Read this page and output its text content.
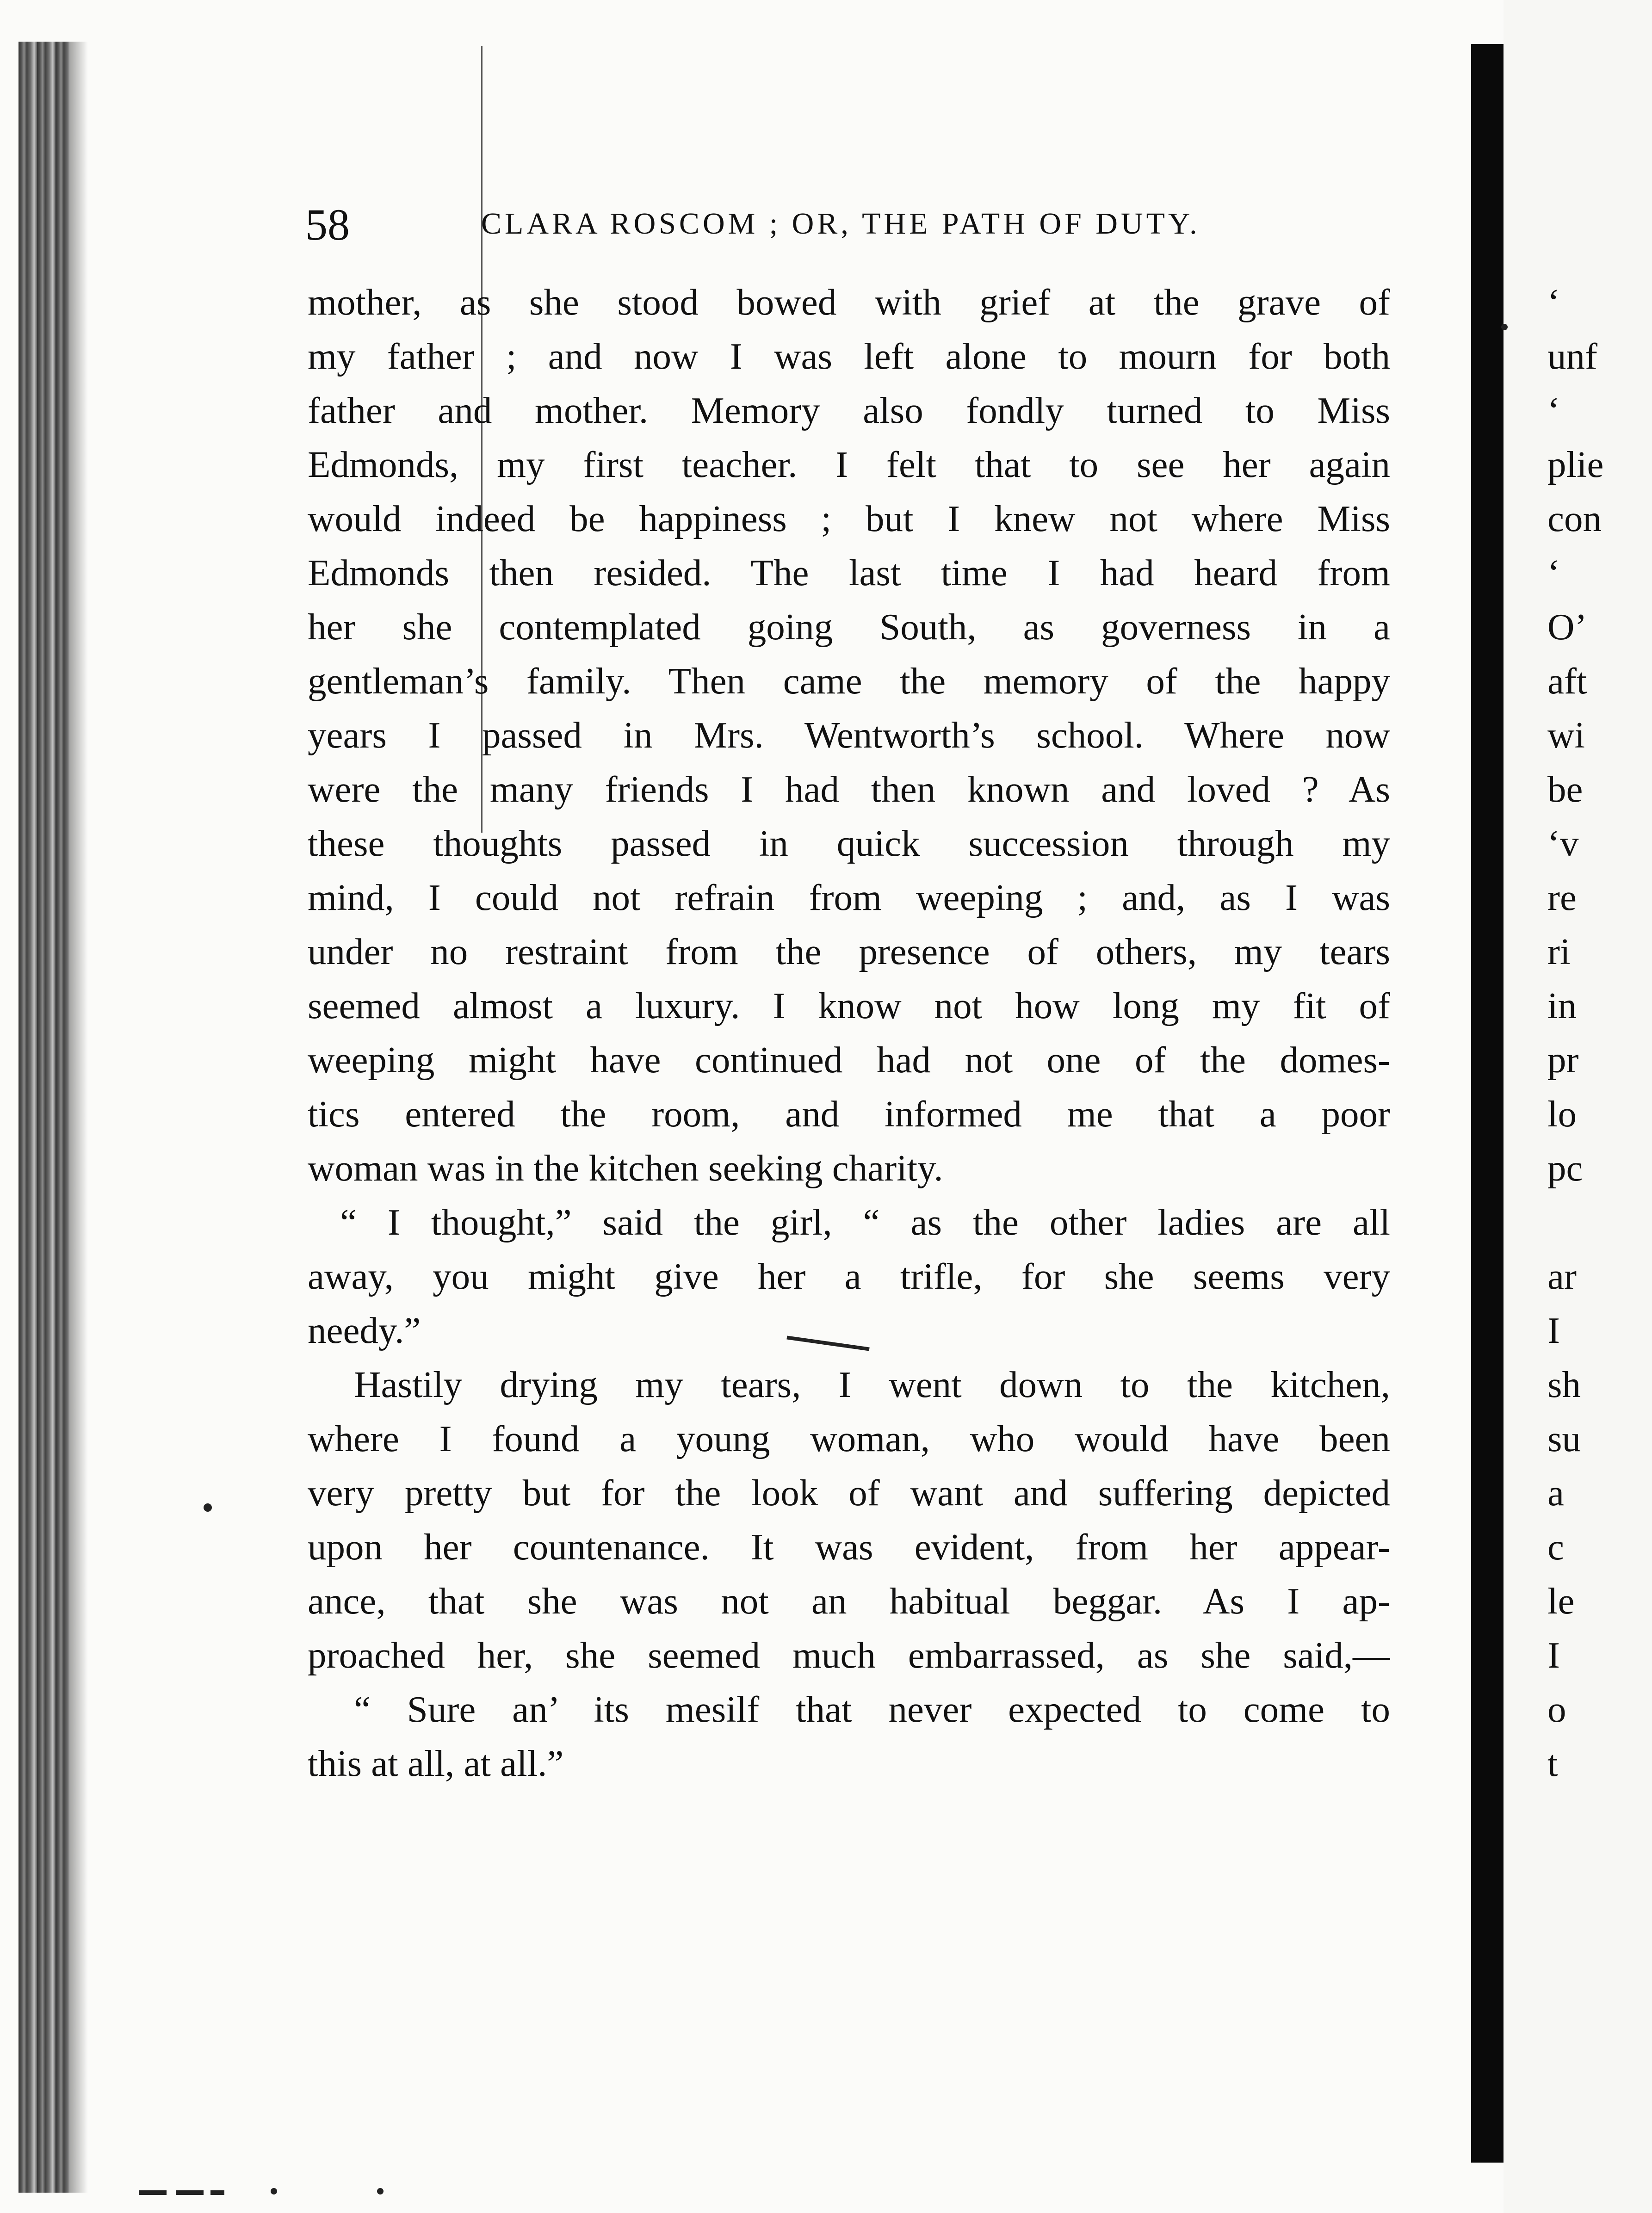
58	CLARA ROSCOM ; OR, THE PATH OF DUTY.
mother, as she stood bowed with grief at the grave of
my father ; and now I was left alone to mourn for both
father and mother. Memory also fondly turned to Miss
Edmonds, my first teacher. I felt that to see her again
would indeed be happiness ; but I knew not where Miss
Edmonds then resided. The last time I had heard from
her she contemplated going South, as governess in a
gentleman’s family. Then came the memory of the happy
years I passed in Mrs. Wentworth’s school. Where now
were the many friends I had then known and loved ? As
these thoughts passed in quick succession through my
mind, I could not refrain from weeping ; and, as I was
under no restraint from the presence of others, my tears
seemed almost a luxury. I know not how long my fit of
weeping might have continued had not one of the domes-
tics entered the room, and informed me that a poor
woman was in the kitchen seeking charity.
“ I thought,” said the girl, “ as the other ladies are all
away, you might give her a trifle, for she seems very
needy.”
Hastily drying my tears, I went down to the kitchen,
where I found a young woman, who would have been
very pretty but for the look of want and suffering depicted
upon her countenance. It was evident, from her appear-
ance, that she was not an habitual beggar. As I ap-
proached her, she seemed much embarrassed, as she said,—
“ Sure an’ its mesilf that never expected to come to
this at all, at all.”
‘
unf
‘
plie
con
‘
O’
aft
wi
be
‘v
re
ri
in
pr
lo
pc
ar
I
sh
su
a
c
le
I
o
t
